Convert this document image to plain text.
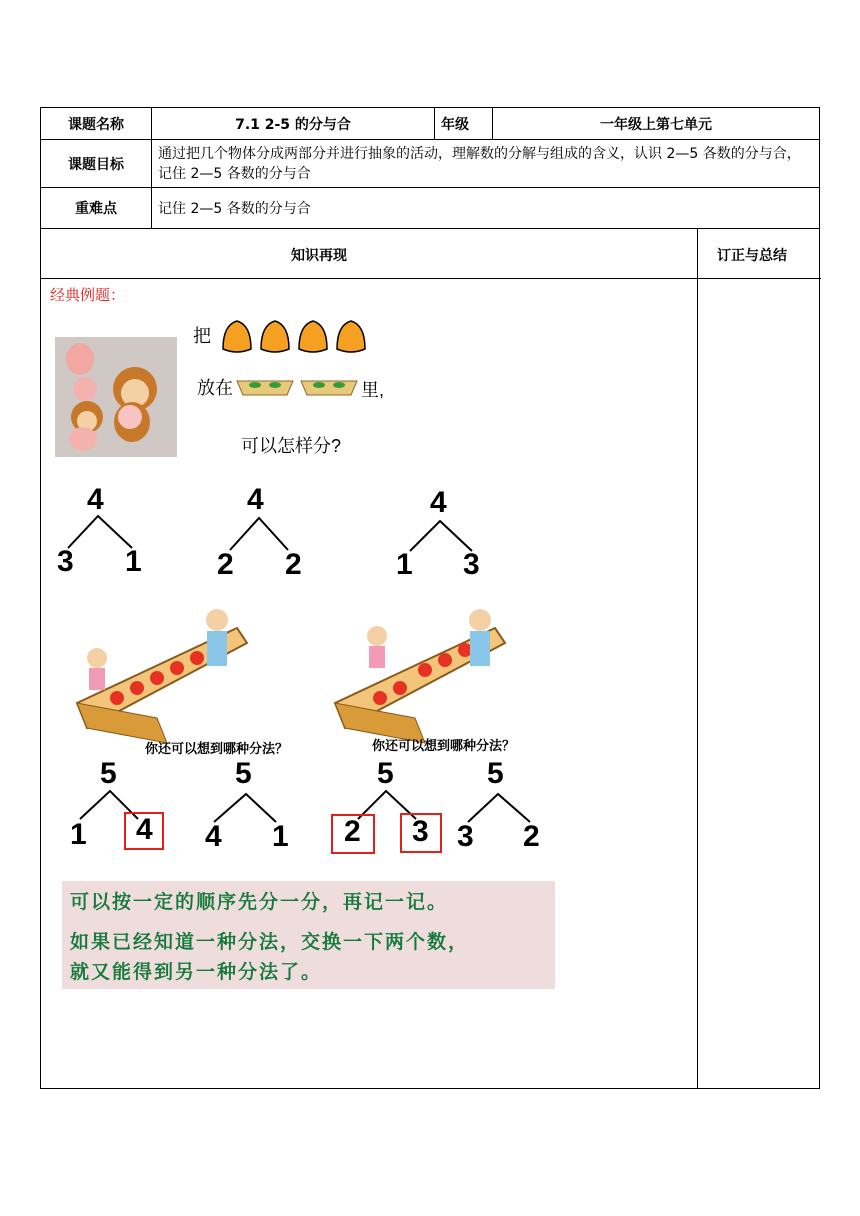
课题名称	7.1 2-5 的分与合	年级	一年级上第七单元
课题目标	通过把几个物体分成两部分并进行抽象的活动，理解数的分解与组成的含义，认识 2—5 各数的分与合，记住 2—5 各数的分与合		
重难点	记住 2—5 各数的分与合		
知识再现	订正与总结
经典例题：
把
放在	里,
可以怎样分?
4
3 1
4
2 2
4
1 3
你还可以想到哪种分法？	你还可以想到哪种分法？
5
1 4
5
4 1
5
2 3
5
3 2
可以按一定的顺序先分一分，再记一记。
如果已经知道一种分法，交换一下两个数，
就又能得到另一种分法了。
